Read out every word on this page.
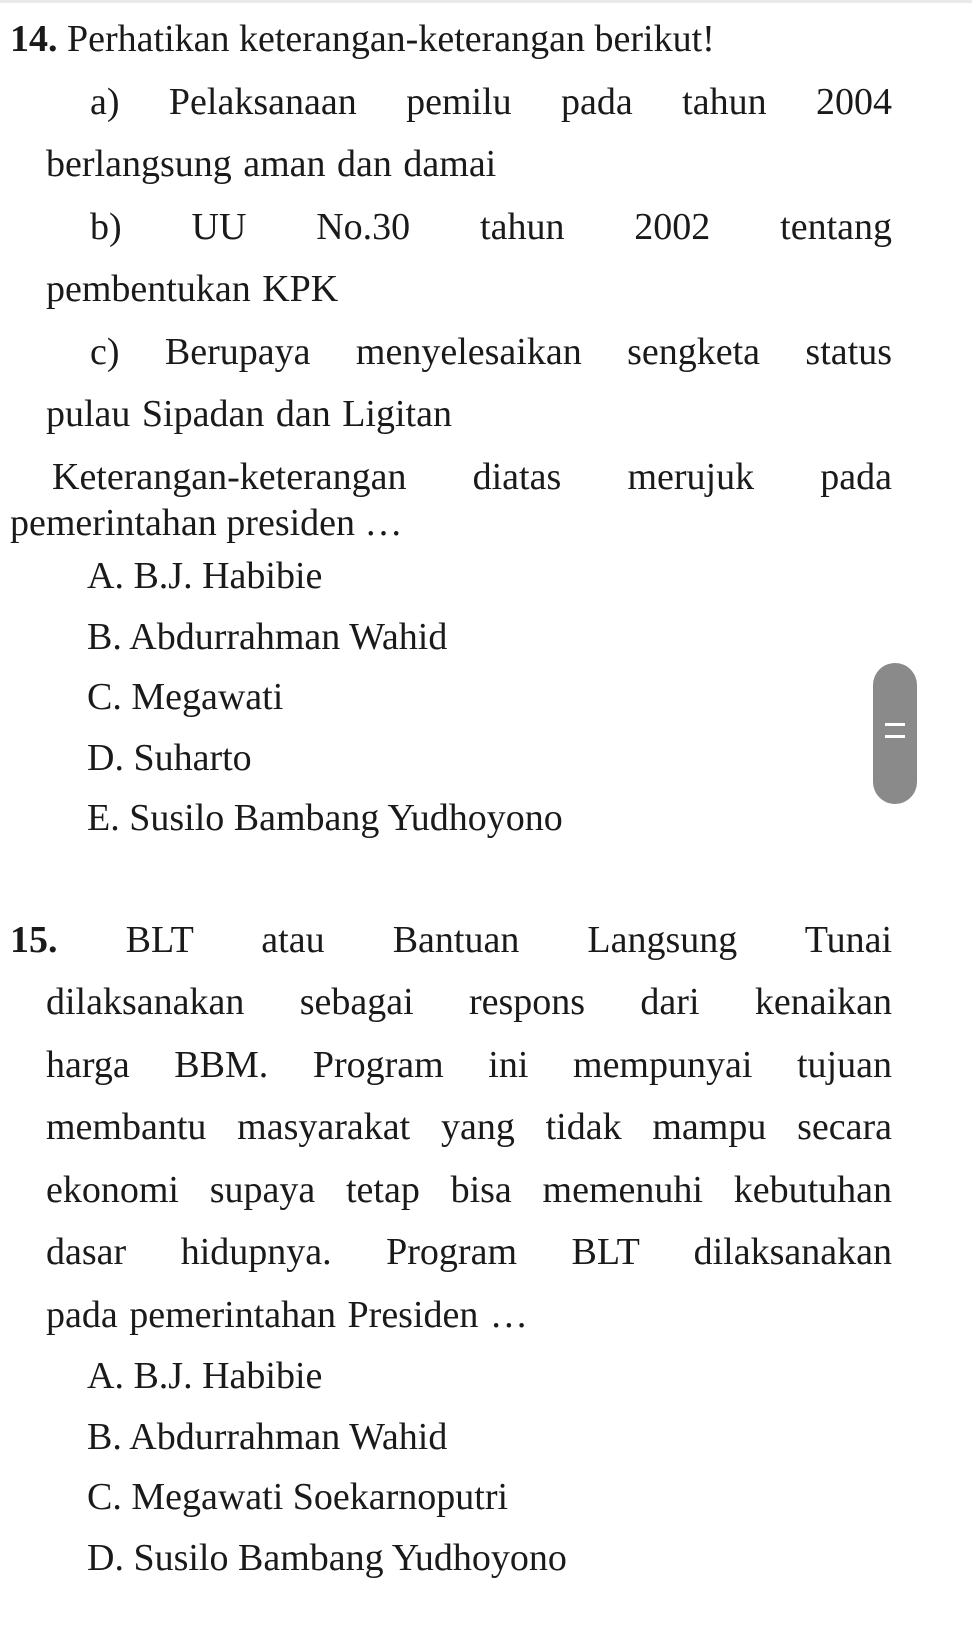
14. Perhatikan keterangan-keterangan berikut!

a) Pelaksanaan pemilu pada tahun 2004
berlangsung aman dan damai
b) UU No.30 tahun 2002 tentang
pembentukan KPK
c) Berupaya menyelesaikan sengketa status
pulau Sipadan dan Ligitan

Keterangan-keterangan diatas merujuk pada

pemerintahan presiden …

A. B.J. Habibie
B. Abdurrahman Wahid
C. Megawati
D. Suharto
E. Susilo Bambang Yudhoyono
15. BLT atau Bantuan Langsung Tunai
dilaksanakan sebagai respons dari kenaikan
harga BBM. Program ini mempunyai tujuan
membantu masyarakat yang tidak mampu secara
ekonomi supaya tetap bisa memenuhi kebutuhan
dasar hidupnya. Program BLT dilaksanakan
pada pemerintahan Presiden …
A. B.J. Habibie
B. Abdurrahman Wahid
C. Megawati Soekarnoputri
D. Susilo Bambang Yudhoyono
